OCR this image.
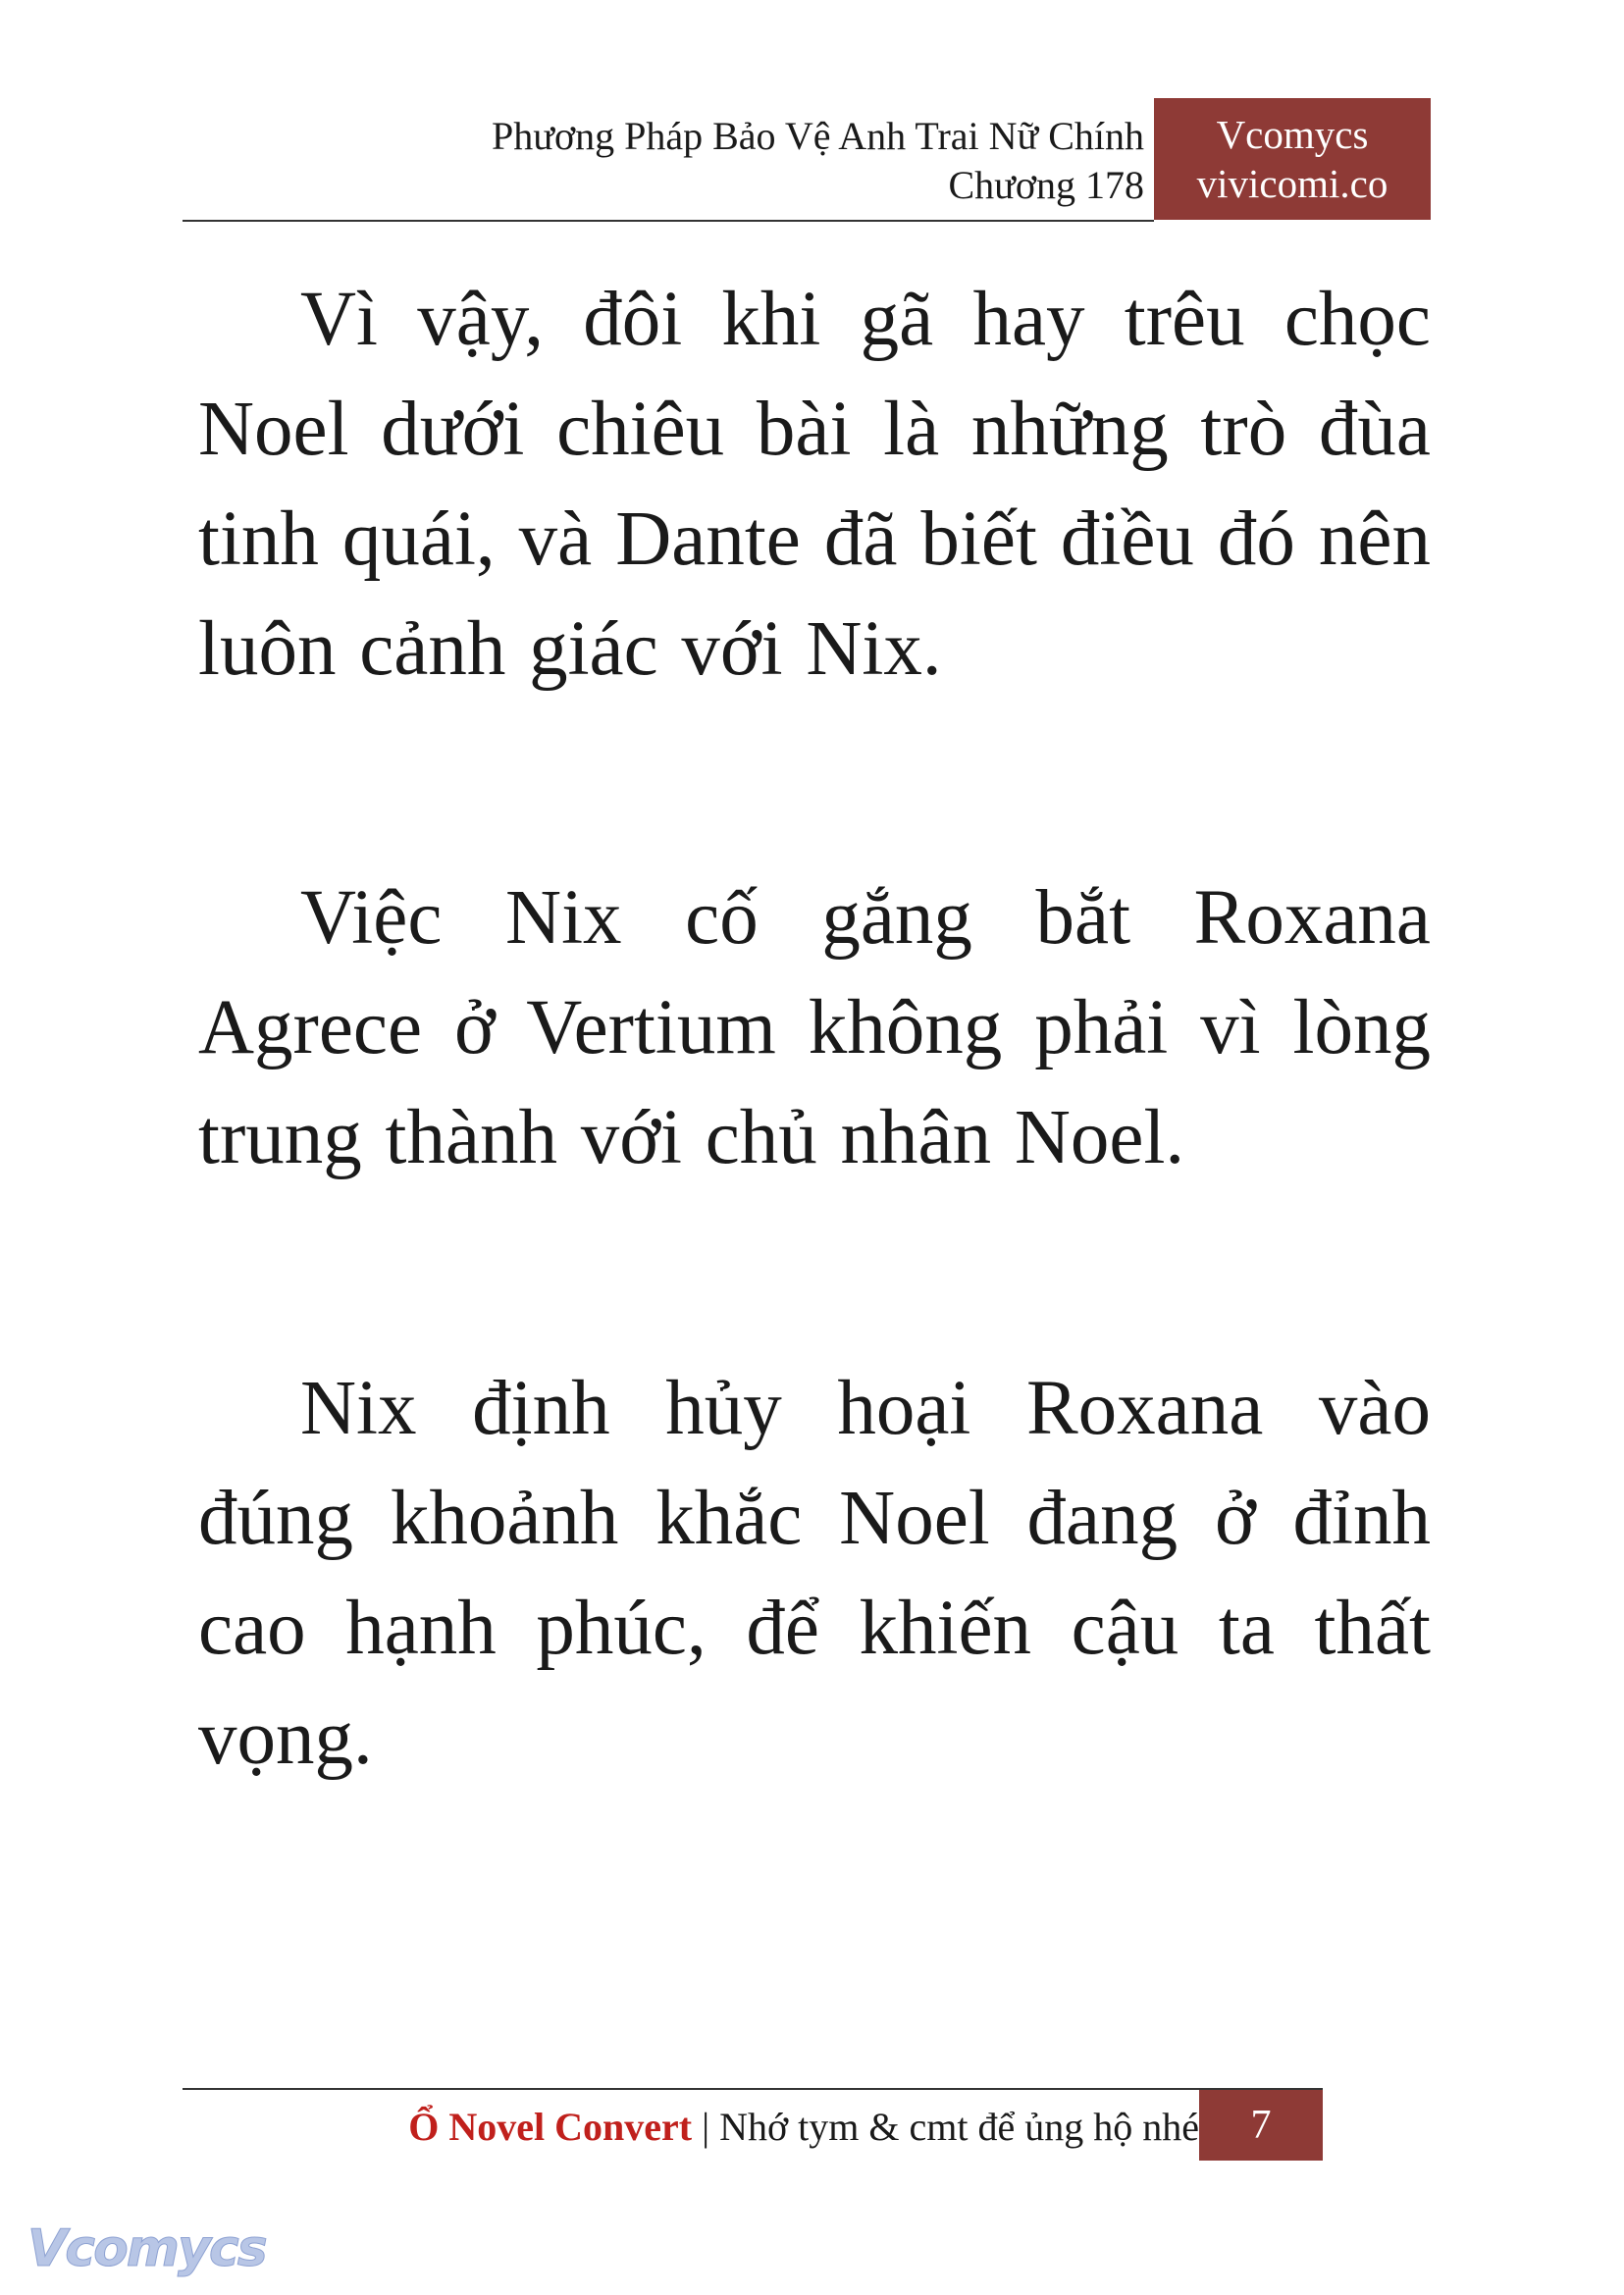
Phương Pháp Bảo Vệ Anh Trai Nữ Chính
Chương 178
Vcomycs
vivicomi.co

Vì vậy, đôi khi gã hay trêu chọc Noel dưới chiêu bài là những trò đùa tinh quái, và Dante đã biết điều đó nên luôn cảnh giác với Nix.

Việc Nix cố gắng bắt Roxana Agrece ở Vertium không phải vì lòng trung thành với chủ nhân Noel.

Nix định hủy hoại Roxana vào đúng khoảnh khắc Noel đang ở đỉnh cao hạnh phúc, để khiến cậu ta thất vọng.

Ổ Novel Convert | Nhớ tym & cmt để ủng hộ nhé	7
Vcomycs
